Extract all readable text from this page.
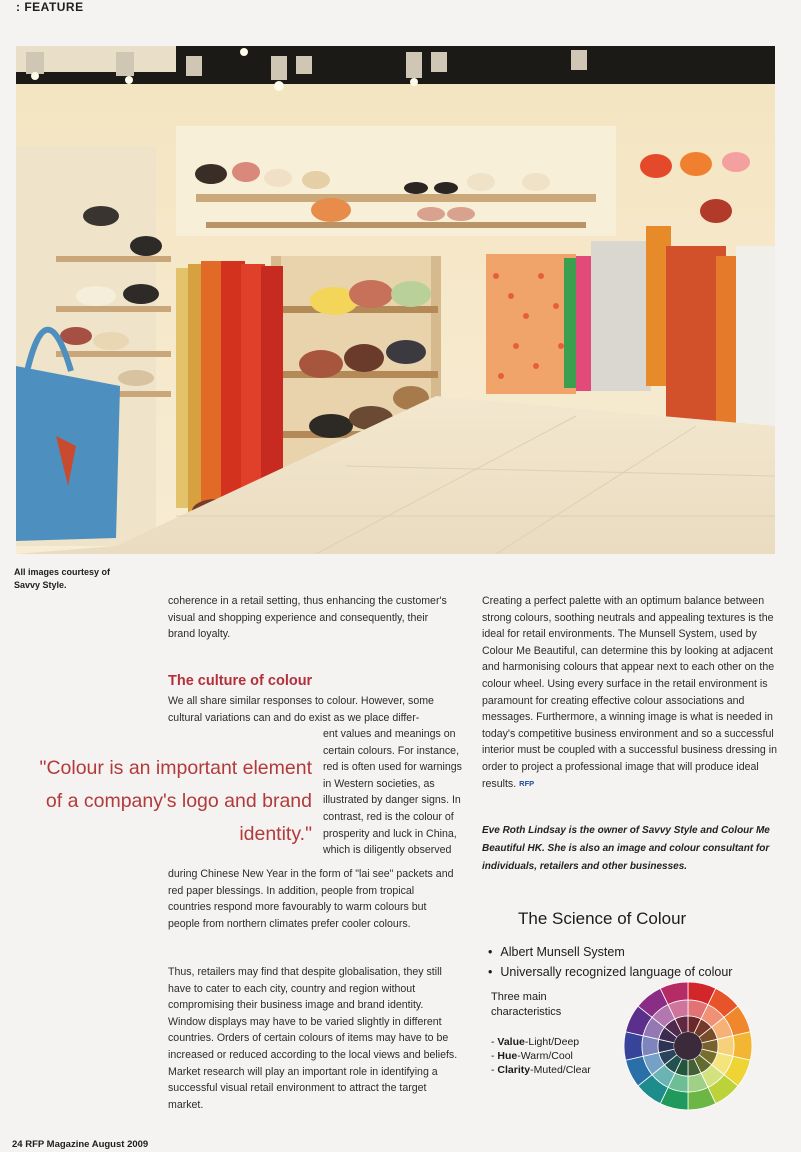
: FEATURE
All images courtesy of Savvy Style.

coherence in a retail setting, thus enhancing the customer's visual and shopping experience and consequently, their brand loyalty.

The culture of colour

We all share similar responses to colour. However, some cultural variations can and do exist as we place differ-

ent values and meanings on certain colours. For instance, red is often used for warnings in Western societies, as illustrated by danger signs. In contrast, red is the colour of prosperity and luck in China, which is diligently observed

during Chinese New Year in the form of "lai see" packets and red paper blessings. In addition, people from tropical countries respond more favourably to warm colours but people from northern climates prefer cooler colours.

Thus, retailers may find that despite globalisation, they still have to cater to each city, country and region without compromising their business image and brand identity. Window displays may have to be varied slightly in different countries. Orders of certain colours of items may have to be increased or reduced according to the local views and beliefs. Market research will play an important role in identifying a successful visual retail environment to attract the target market.

"Colour is an important element of a company's logo and brand identity."

Creating a perfect palette with an optimum balance between strong colours, soothing neutrals and appealing textures is the ideal for retail environments. The Munsell System, used by Colour Me Beautiful, can determine this by looking at adjacent and harmonising colours that appear next to each other on the colour wheel. Using every surface in the retail environment is paramount for creating effective colour associations and messages. Furthermore, a winning image is what is needed in today's competitive business environment and so a successful interior must be coupled with a successful business dressing in order to project a professional image that will produce ideal results. RFP

Eve Roth Lindsay is the owner of Savvy Style and Colour Me Beautiful HK. She is also an image and colour consultant for individuals, retailers and other businesses.

The Science of Colour
• Albert Munsell System
• Universally recognized language of colour
Three main characteristics
- Value-Light/Deep
- Hue-Warm/Cool
- Clarity-Muted/Clear
24 RFP Magazine August 2009
